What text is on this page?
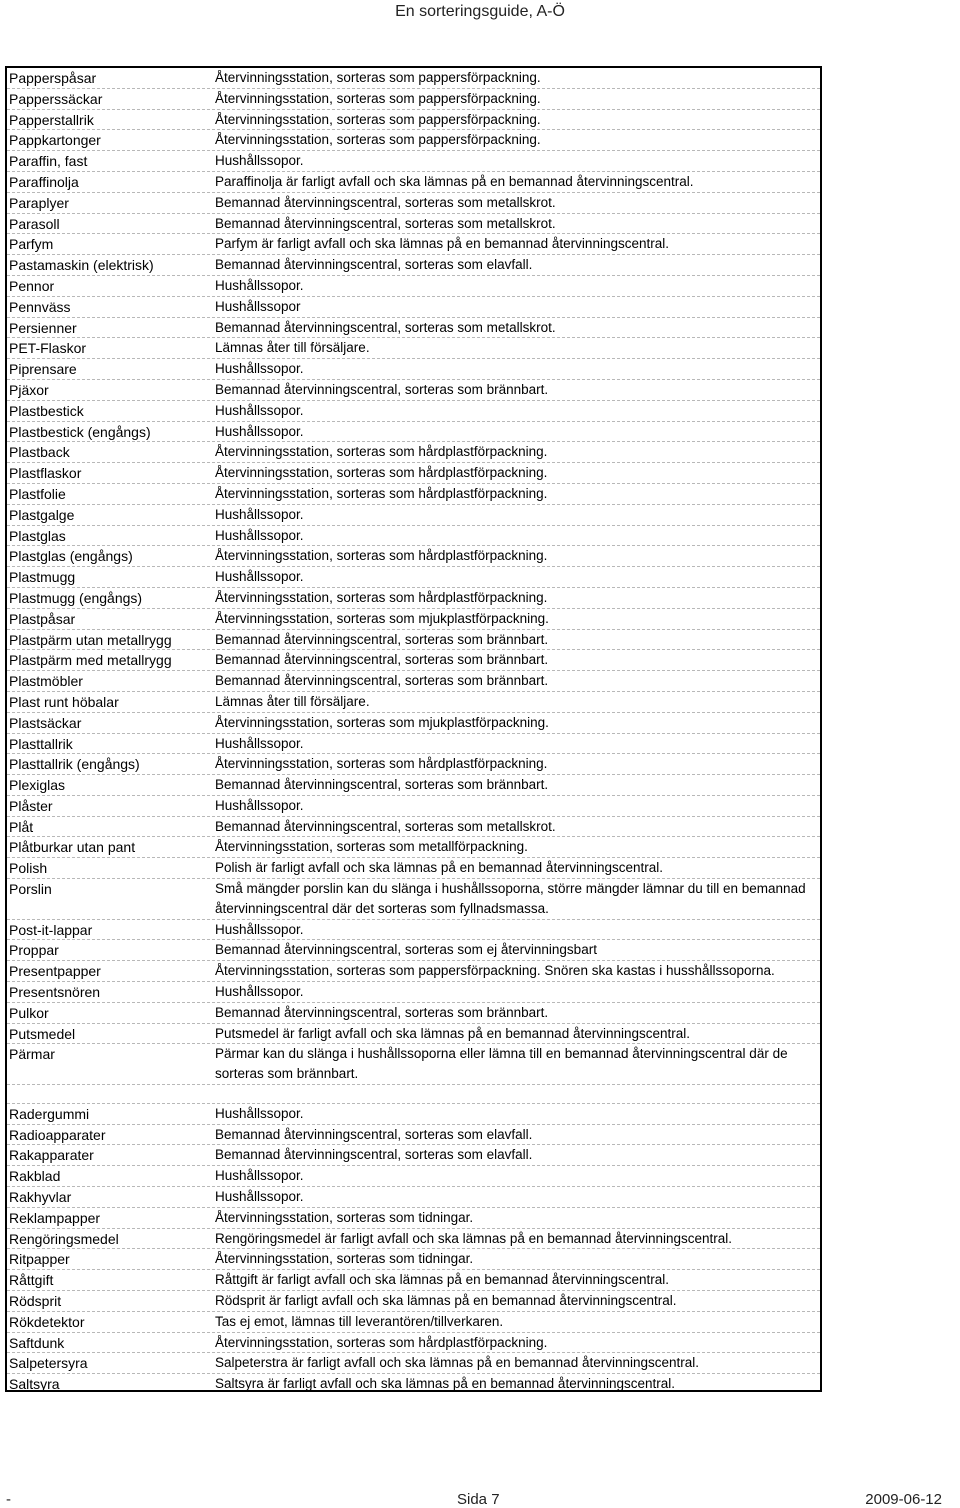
En sorteringsguide, A-Ö
Papperspåsar	Återvinningsstation, sorteras som pappersförpackning.
Papperssäckar	Återvinningsstation, sorteras som pappersförpackning.
Papperstallrik	Återvinningsstation, sorteras som pappersförpackning.
Pappkartonger	Återvinningsstation, sorteras som pappersförpackning.
Paraffin, fast	Hushållssopor.
Paraffinolja	Paraffinolja är farligt avfall och ska lämnas på en bemannad återvinningscentral.
Paraplyer	Bemannad återvinningscentral, sorteras som metallskrot.
Parasoll	Bemannad återvinningscentral, sorteras som metallskrot.
Parfym	Parfym är farligt avfall och ska lämnas på en bemannad återvinningscentral.
Pastamaskin (elektrisk)	Bemannad återvinningscentral, sorteras som elavfall.
Pennor	Hushållssopor.
Pennväss	Hushållssopor
Persienner	Bemannad återvinningscentral, sorteras som metallskrot.
PET-Flaskor	Lämnas åter till försäljare.
Piprensare	Hushållssopor.
Pjäxor	Bemannad återvinningscentral, sorteras som brännbart.
Plastbestick	Hushållssopor.
Plastbestick (engångs)	Hushållssopor.
Plastback	Återvinningsstation, sorteras som hårdplastförpackning.
Plastflaskor	Återvinningsstation, sorteras som hårdplastförpackning.
Plastfolie	Återvinningsstation, sorteras som hårdplastförpackning.
Plastgalge	Hushållssopor.
Plastglas	Hushållssopor.
Plastglas (engångs)	Återvinningsstation, sorteras som hårdplastförpackning.
Plastmugg	Hushållssopor.
Plastmugg (engångs)	Återvinningsstation, sorteras som hårdplastförpackning.
Plastpåsar	Återvinningsstation, sorteras som mjukplastförpackning.
Plastpärm utan metallrygg	Bemannad återvinningscentral, sorteras som brännbart.
Plastpärm med metallrygg	Bemannad återvinningscentral, sorteras som brännbart.
Plastmöbler	Bemannad återvinningscentral, sorteras som brännbart.
Plast runt höbalar	Lämnas åter till försäljare.
Plastsäckar	Återvinningsstation, sorteras som mjukplastförpackning.
Plasttallrik	Hushållssopor.
Plasttallrik (engångs)	Återvinningsstation, sorteras som hårdplastförpackning.
Plexiglas	Bemannad återvinningscentral, sorteras som brännbart.
Plåster	Hushållssopor.
Plåt	Bemannad återvinningscentral, sorteras som metallskrot.
Plåtburkar utan pant	Återvinningsstation, sorteras som metallförpackning.
Polish	Polish är farligt avfall och ska lämnas på en bemannad återvinningscentral.
Porslin	Små mängder porslin kan du slänga i hushållssoporna, större mängder lämnar du till en bemannad återvinningscentral där det sorteras som fyllnadsmassa.
Post-it-lappar	Hushållssopor.
Proppar	Bemannad återvinningscentral, sorteras som ej återvinningsbart
Presentpapper	Återvinningsstation, sorteras som pappersförpackning. Snören ska kastas i husshållssoporna.
Presentsnören	Hushållssopor.
Pulkor	Bemannad återvinningscentral, sorteras som brännbart.
Putsmedel	Putsmedel är farligt avfall och ska lämnas på en bemannad återvinningscentral.
Pärmar	Pärmar kan du slänga i hushållssoporna eller lämna till en bemannad återvinningscentral där de sorteras som brännbart.
Radergummi	Hushållssopor.
Radioapparater	Bemannad återvinningscentral, sorteras som elavfall.
Rakapparater	Bemannad återvinningscentral, sorteras som elavfall.
Rakblad	Hushållssopor.
Rakhyvlar	Hushållssopor.
Reklampapper	Återvinningsstation, sorteras som tidningar.
Rengöringsmedel	Rengöringsmedel är farligt avfall och ska lämnas på en bemannad återvinningscentral.
Ritpapper	Återvinningsstation, sorteras som tidningar.
Råttgift	Råttgift är farligt avfall och ska lämnas på en bemannad återvinningscentral.
Rödsprit	Rödsprit är farligt avfall och ska lämnas på en bemannad återvinningscentral.
Rökdetektor	Tas ej emot, lämnas till leverantören/tillverkaren.
Saftdunk	Återvinningsstation, sorteras som hårdplastförpackning.
Salpetersyra	Salpeterstra är farligt avfall och ska lämnas på en bemannad återvinningscentral.
Saltsyra	Saltsyra är farligt avfall och ska lämnas på en bemannad återvinningscentral.
-	Sida 7	2009-06-12
